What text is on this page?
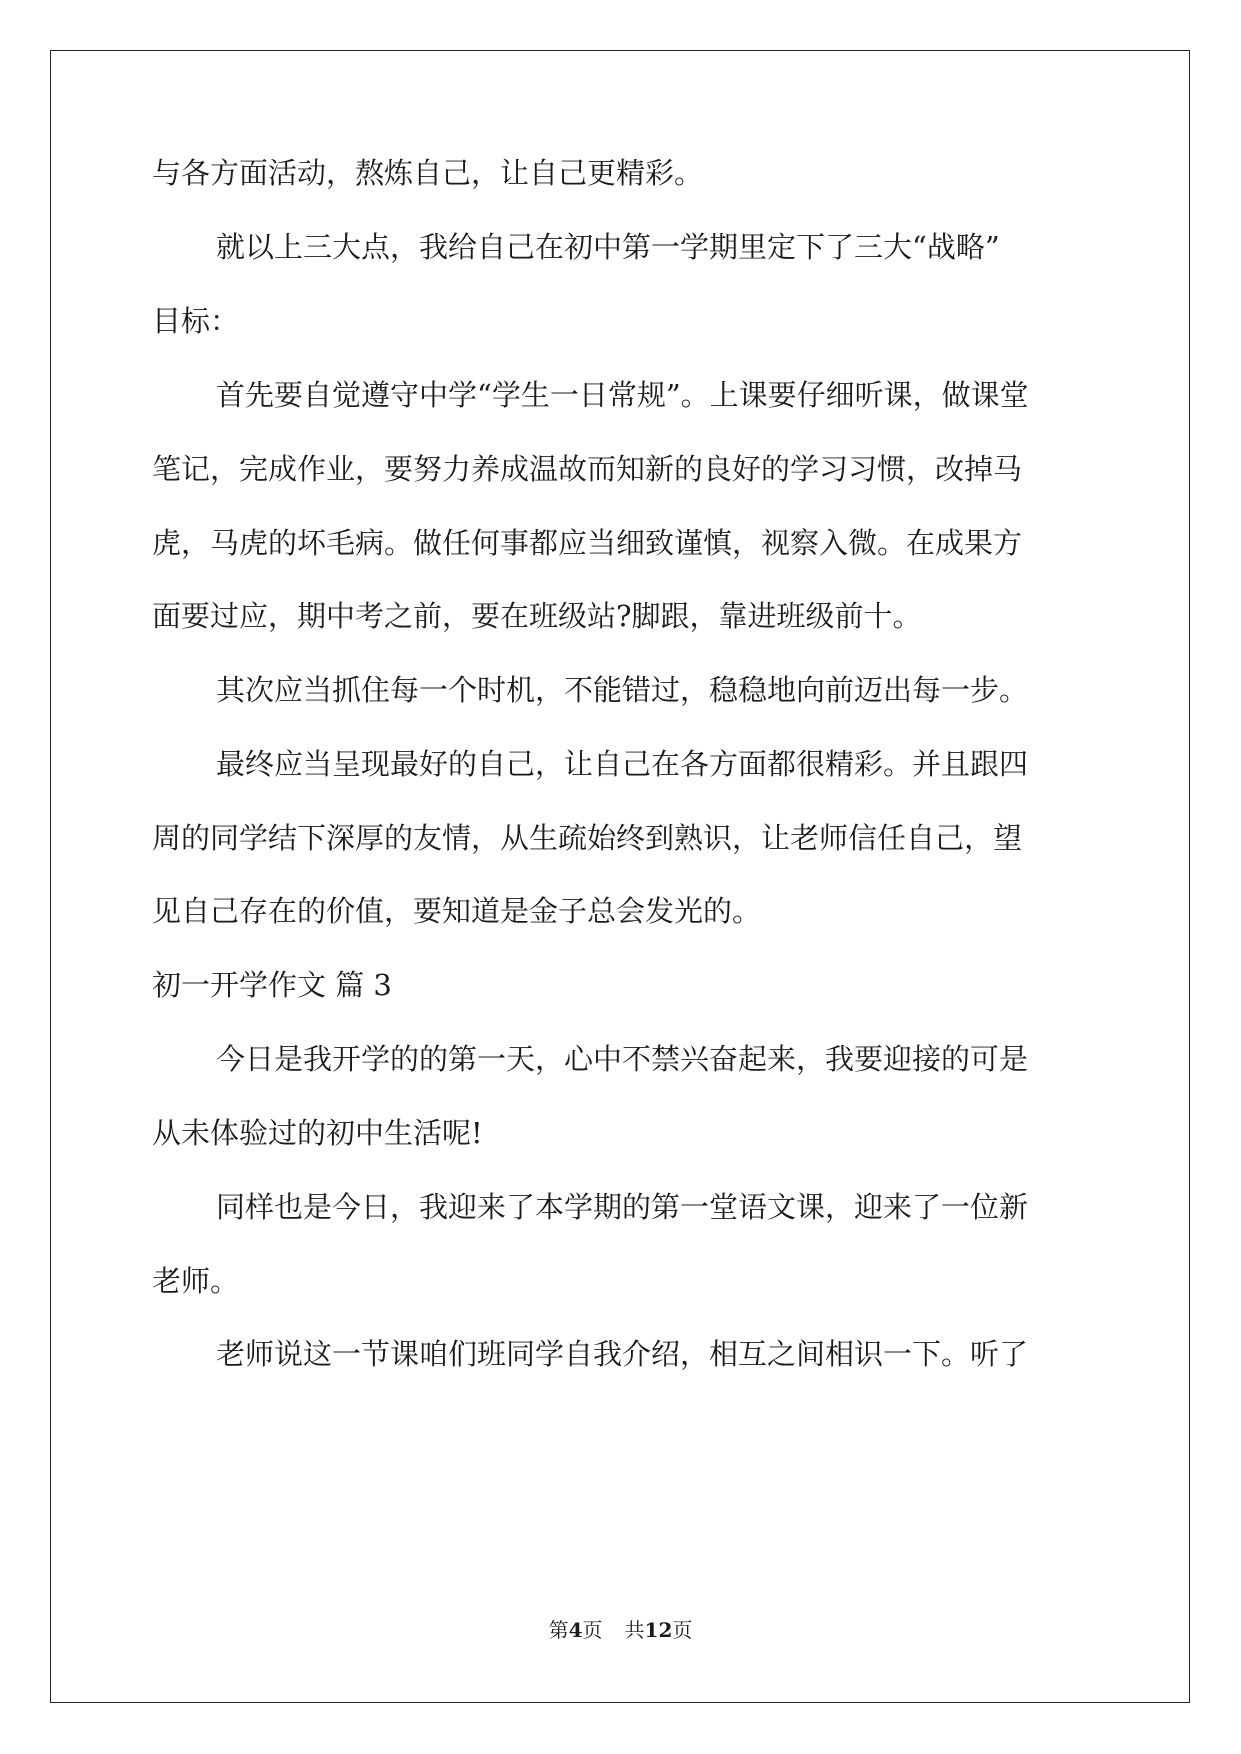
与各方面活动，熬炼自己，让自己更精彩。
就以上三大点，我给自己在初中第一学期里定下了三大“战略”
目标：
首先要自觉遵守中学“学生一日常规”。上课要仔细听课，做课堂
笔记，完成作业，要努力养成温故而知新的良好的学习习惯，改掉马
虎，马虎的坏毛病。做任何事都应当细致谨慎，视察入微。在成果方
面要过应，期中考之前，要在班级站?脚跟，靠进班级前十。
其次应当抓住每一个时机，不能错过，稳稳地向前迈出每一步。
最终应当呈现最好的自己，让自己在各方面都很精彩。并且跟四
周的同学结下深厚的友情，从生疏始终到熟识，让老师信任自己，望
见自己存在的价值，要知道是金子总会发光的。
初一开学作文 篇 3
今日是我开学的的第一天，心中不禁兴奋起来，我要迎接的可是
从未体验过的初中生活呢!
同样也是今日，我迎来了本学期的第一堂语文课，迎来了一位新
老师。
老师说这一节课咱们班同学自我介绍，相互之间相识一下。听了
第4页 共12页
